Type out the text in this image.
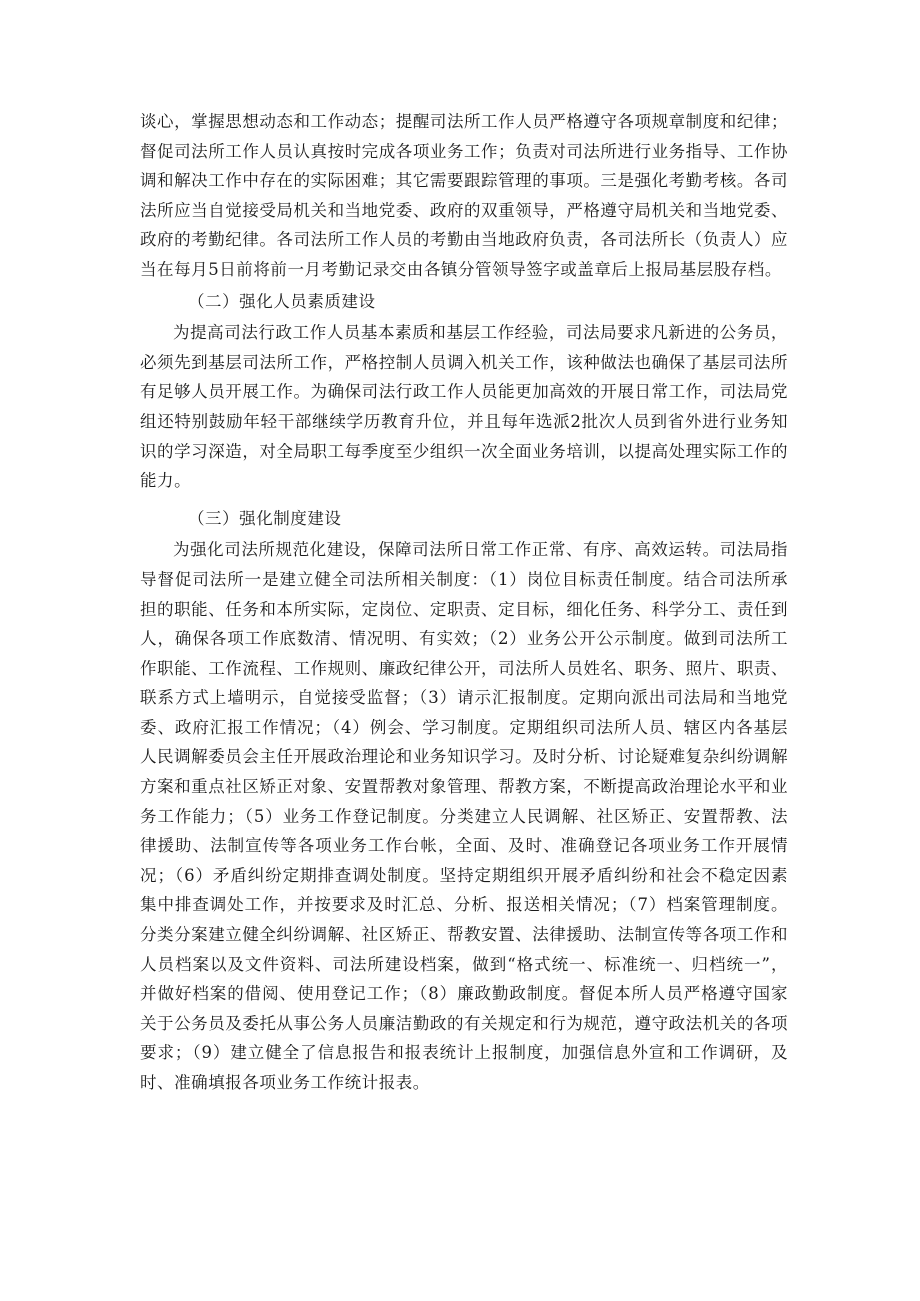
谈心，掌握思想动态和工作动态；提醒司法所工作人员严格遵守各项规章制度和纪律；督促司法所工作人员认真按时完成各项业务工作；负责对司法所进行业务指导、工作协调和解决工作中存在的实际困难；其它需要跟踪管理的事项。三是强化考勤考核。各司法所应当自觉接受局机关和当地党委、政府的双重领导，严格遵守局机关和当地党委、政府的考勤纪律。各司法所工作人员的考勤由当地政府负责，各司法所长（负责人）应当在每月5日前将前一月考勤记录交由各镇分管领导签字或盖章后上报局基层股存档。

（二）强化人员素质建设

为提高司法行政工作人员基本素质和基层工作经验，司法局要求凡新进的公务员，必须先到基层司法所工作，严格控制人员调入机关工作，该种做法也确保了基层司法所有足够人员开展工作。为确保司法行政工作人员能更加高效的开展日常工作，司法局党组还特别鼓励年轻干部继续学历教育升位，并且每年选派2批次人员到省外进行业务知识的学习深造，对全局职工每季度至少组织一次全面业务培训，以提高处理实际工作的能力。

（三）强化制度建设

为强化司法所规范化建设，保障司法所日常工作正常、有序、高效运转。司法局指导督促司法所一是建立健全司法所相关制度：（1）岗位目标责任制度。结合司法所承担的职能、任务和本所实际，定岗位、定职责、定目标，细化任务、科学分工、责任到人，确保各项工作底数清、情况明、有实效；（2）业务公开公示制度。做到司法所工作职能、工作流程、工作规则、廉政纪律公开，司法所人员姓名、职务、照片、职责、联系方式上墙明示，自觉接受监督；（3）请示汇报制度。定期向派出司法局和当地党委、政府汇报工作情况；（4）例会、学习制度。定期组织司法所人员、辖区内各基层人民调解委员会主任开展政治理论和业务知识学习。及时分析、讨论疑难复杂纠纷调解方案和重点社区矫正对象、安置帮教对象管理、帮教方案，不断提高政治理论水平和业务工作能力；（5）业务工作登记制度。分类建立人民调解、社区矫正、安置帮教、法律援助、法制宣传等各项业务工作台帐，全面、及时、准确登记各项业务工作开展情况；（6）矛盾纠纷定期排查调处制度。坚持定期组织开展矛盾纠纷和社会不稳定因素集中排查调处工作，并按要求及时汇总、分析、报送相关情况；（7）档案管理制度。分类分案建立健全纠纷调解、社区矫正、帮教安置、法律援助、法制宣传等各项工作和人员档案以及文件资料、司法所建设档案，做到“格式统一、标准统一、归档统一”，并做好档案的借阅、使用登记工作；（8）廉政勤政制度。督促本所人员严格遵守国家关于公务员及委托从事公务人员廉洁勤政的有关规定和行为规范，遵守政法机关的各项要求；（9）建立健全了信息报告和报表统计上报制度，加强信息外宣和工作调研，及时、准确填报各项业务工作统计报表。
